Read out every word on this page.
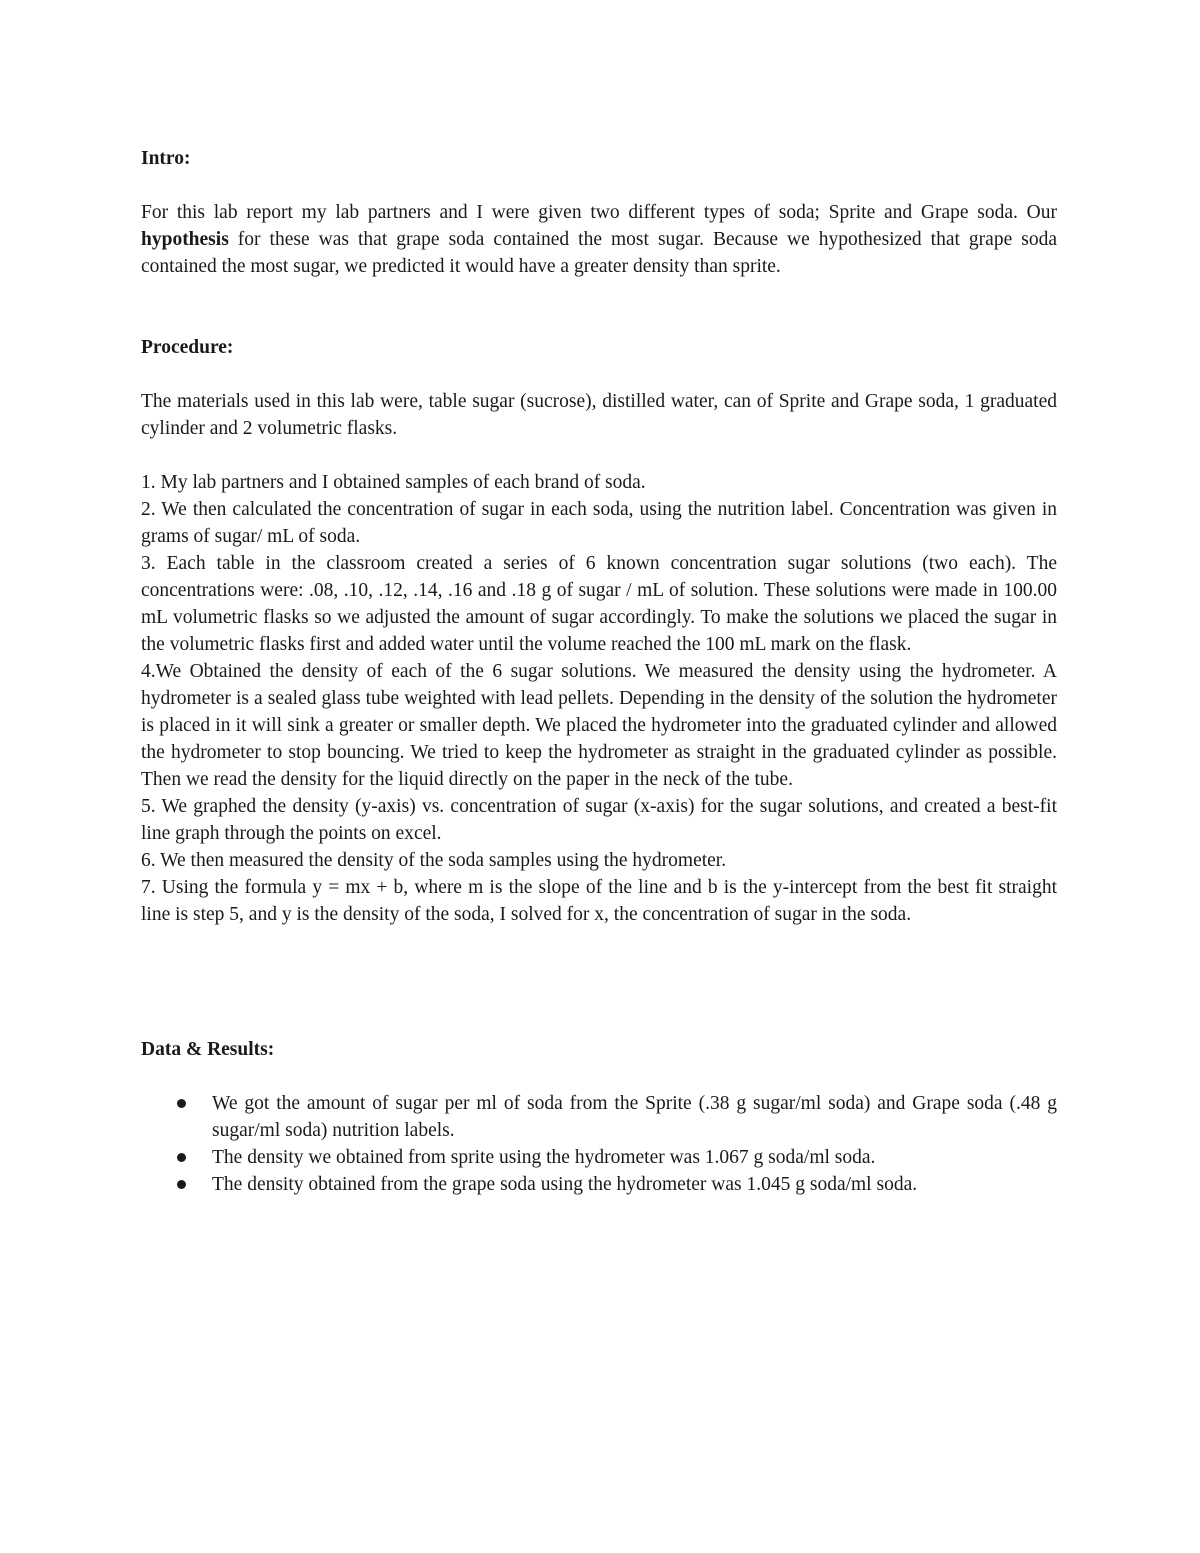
Intro:

For this lab report my lab partners and I were given two different types of soda; Sprite and Grape soda. Our hypothesis for these was that grape soda contained the most sugar. Because we hypothesized that grape soda contained the most sugar, we predicted it would have a greater density than sprite.

Procedure:

The materials used in this lab were, table sugar (sucrose), distilled water, can of Sprite and Grape soda, 1 graduated cylinder and 2 volumetric flasks.

1. My lab partners and I obtained samples of each brand of soda.

2. We then calculated the concentration of sugar in each soda, using the nutrition label. Concentration was given in grams of sugar/ mL of soda.

3. Each table in the classroom created a series of 6 known concentration sugar solutions (two each). The concentrations were: .08, .10, .12, .14, .16 and .18 g of sugar / mL of solution. These solutions were made in 100.00 mL volumetric flasks so we adjusted the amount of sugar accordingly. To make the solutions we placed the sugar in the volumetric flasks first and added water until the volume reached the 100 mL mark on the flask.

4.We Obtained the density of each of the 6 sugar solutions. We measured the density using the hydrometer. A hydrometer is a sealed glass tube weighted with lead pellets. Depending in the density of the solution the hydrometer is placed in it will sink a greater or smaller depth. We placed the hydrometer into the graduated cylinder and allowed the hydrometer to stop bouncing. We tried to keep the hydrometer as straight in the graduated cylinder as possible. Then we read the density for the liquid directly on the paper in the neck of the tube.

5. We graphed the density (y-axis) vs. concentration of sugar (x-axis) for the sugar solutions, and created a best-fit line graph through the points on excel.

6. We then measured the density of the soda samples using the hydrometer.

7. Using the formula y = mx + b, where m is the slope of the line and b is the y-intercept from the best fit straight line is step 5, and y is the density of the soda, I solved for x, the concentration of sugar in the soda.

Data & Results:
We got the amount of sugar per ml of soda from the Sprite (.38 g sugar/ml soda) and Grape soda (.48 g sugar/ml soda) nutrition labels.
The density we obtained from sprite using the hydrometer was 1.067 g soda/ml soda.
The density obtained from the grape soda using the hydrometer was 1.045 g soda/ml soda.
